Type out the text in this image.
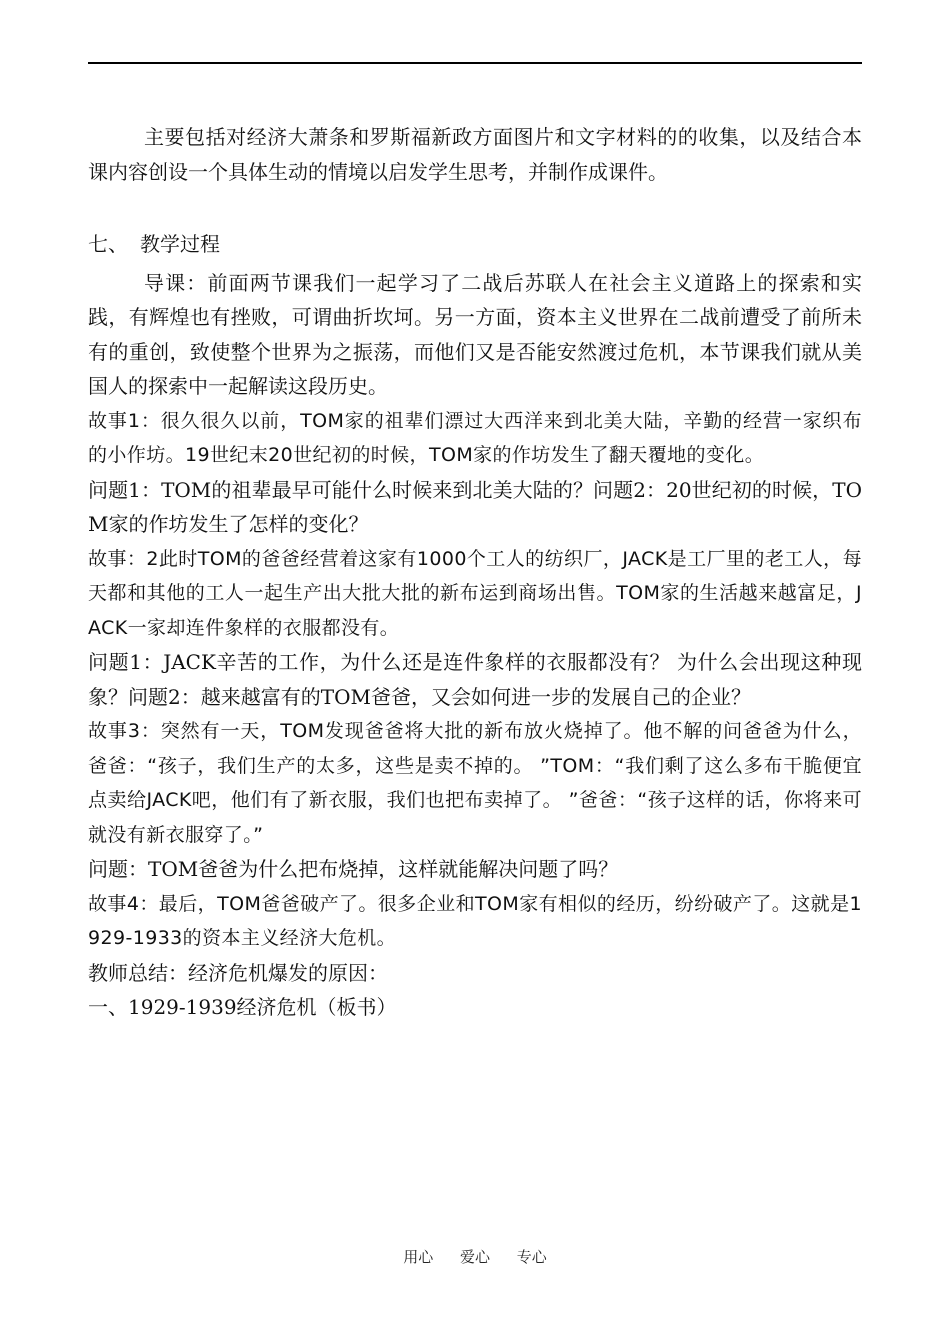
主要包括对经济大萧条和罗斯福新政方面图片和文字材料的的收集，以及结合本课内容创设一个具体生动的情境以启发学生思考，并制作成课件。

七、 教学过程

导课：前面两节课我们一起学习了二战后苏联人在社会主义道路上的探索和实践，有辉煌也有挫败，可谓曲折坎坷。另一方面，资本主义世界在二战前遭受了前所未有的重创，致使整个世界为之振荡，而他们又是否能安然渡过危机，本节课我们就从美国人的探索中一起解读这段历史。

故事1：很久很久以前，TOM家的祖辈们漂过大西洋来到北美大陆，辛勤的经营一家织布的小作坊。19世纪末20世纪初的时候，TOM家的作坊发生了翻天覆地的变化。

问题1：TOM的祖辈最早可能什么时候来到北美大陆的？问题2：20世纪初的时候，TOM家的作坊发生了怎样的变化？

故事：2此时TOM的爸爸经营着这家有1000个工人的纺织厂，JACK是工厂里的老工人，每天都和其他的工人一起生产出大批大批的新布运到商场出售。TOM家的生活越来越富足，JACK一家却连件象样的衣服都没有。

问题1：JACK辛苦的工作，为什么还是连件象样的衣服都没有？ 为什么会出现这种现象？问题2：越来越富有的TOM爸爸，又会如何进一步的发展自己的企业？

故事3：突然有一天，TOM发现爸爸将大批的新布放火烧掉了。他不解的问爸爸为什么，爸爸：“孩子，我们生产的太多，这些是卖不掉的。 ”TOM：“我们剩了这么多布干脆便宜点卖给JACK吧，他们有了新衣服，我们也把布卖掉了。 ”爸爸：“孩子这样的话，你将来可就没有新衣服穿了。”

问题：TOM爸爸为什么把布烧掉，这样就能解决问题了吗？

故事4：最后，TOM爸爸破产了。很多企业和TOM家有相似的经历，纷纷破产了。这就是1929-1933的资本主义经济大危机。

教师总结：经济危机爆发的原因：

一、1929-1939经济危机（板书）

用心 爱心 专心
